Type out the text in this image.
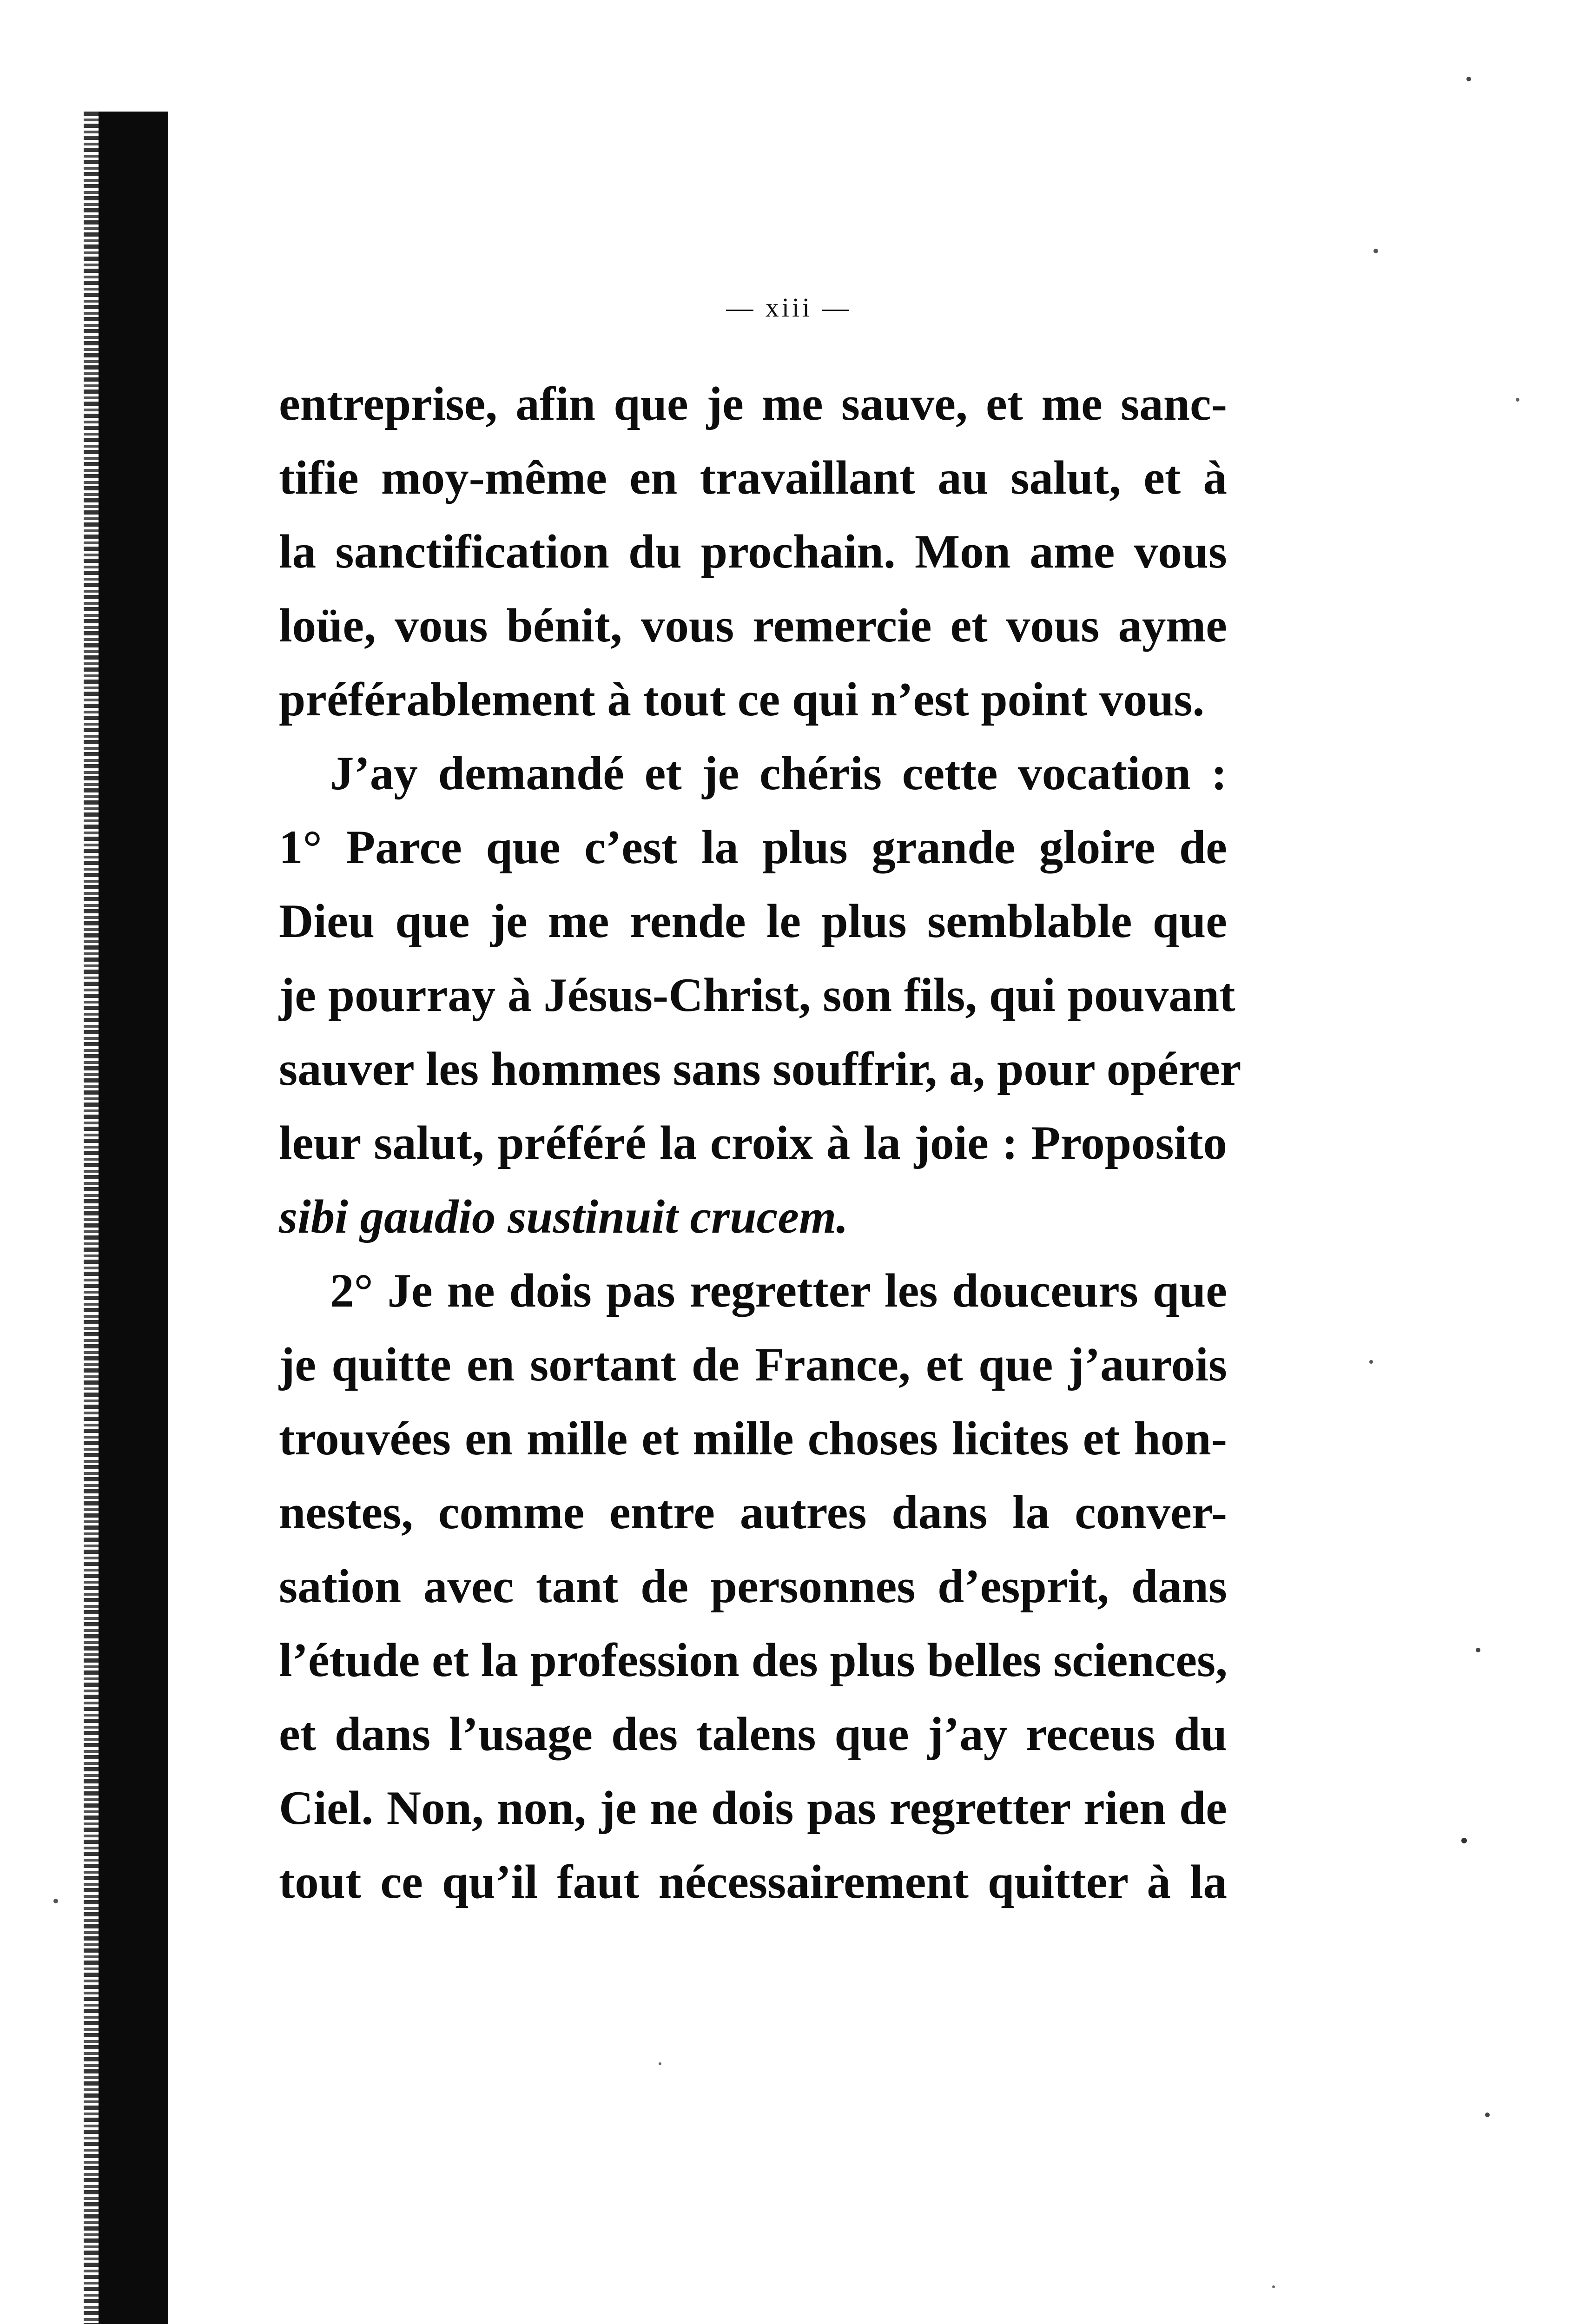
— xiii —
entreprise, afin que je me sauve, et me sanc-
tifie moy-même en travaillant au salut, et à
la sanctification du prochain. Mon ame vous
loüe, vous bénit, vous remercie et vous ayme
préférablement à tout ce qui n’est point vous.
J’ay demandé et je chéris cette vocation :
1° Parce que c’est la plus grande gloire de
Dieu que je me rende le plus semblable que
je pourray à Jésus-Christ, son fils, qui pouvant
sauver les hommes sans souffrir, a, pour opérer
leur salut, préféré la croix à la joie : Proposito
sibi gaudio sustinuit crucem.
2° Je ne dois pas regretter les douceurs que
je quitte en sortant de France, et que j’aurois
trouvées en mille et mille choses licites et hon-
nestes, comme entre autres dans la conver-
sation avec tant de personnes d’esprit, dans
l’étude et la profession des plus belles sciences,
et dans l’usage des talens que j’ay receus du
Ciel. Non, non, je ne dois pas regretter rien de
tout ce qu’il faut nécessairement quitter à la
